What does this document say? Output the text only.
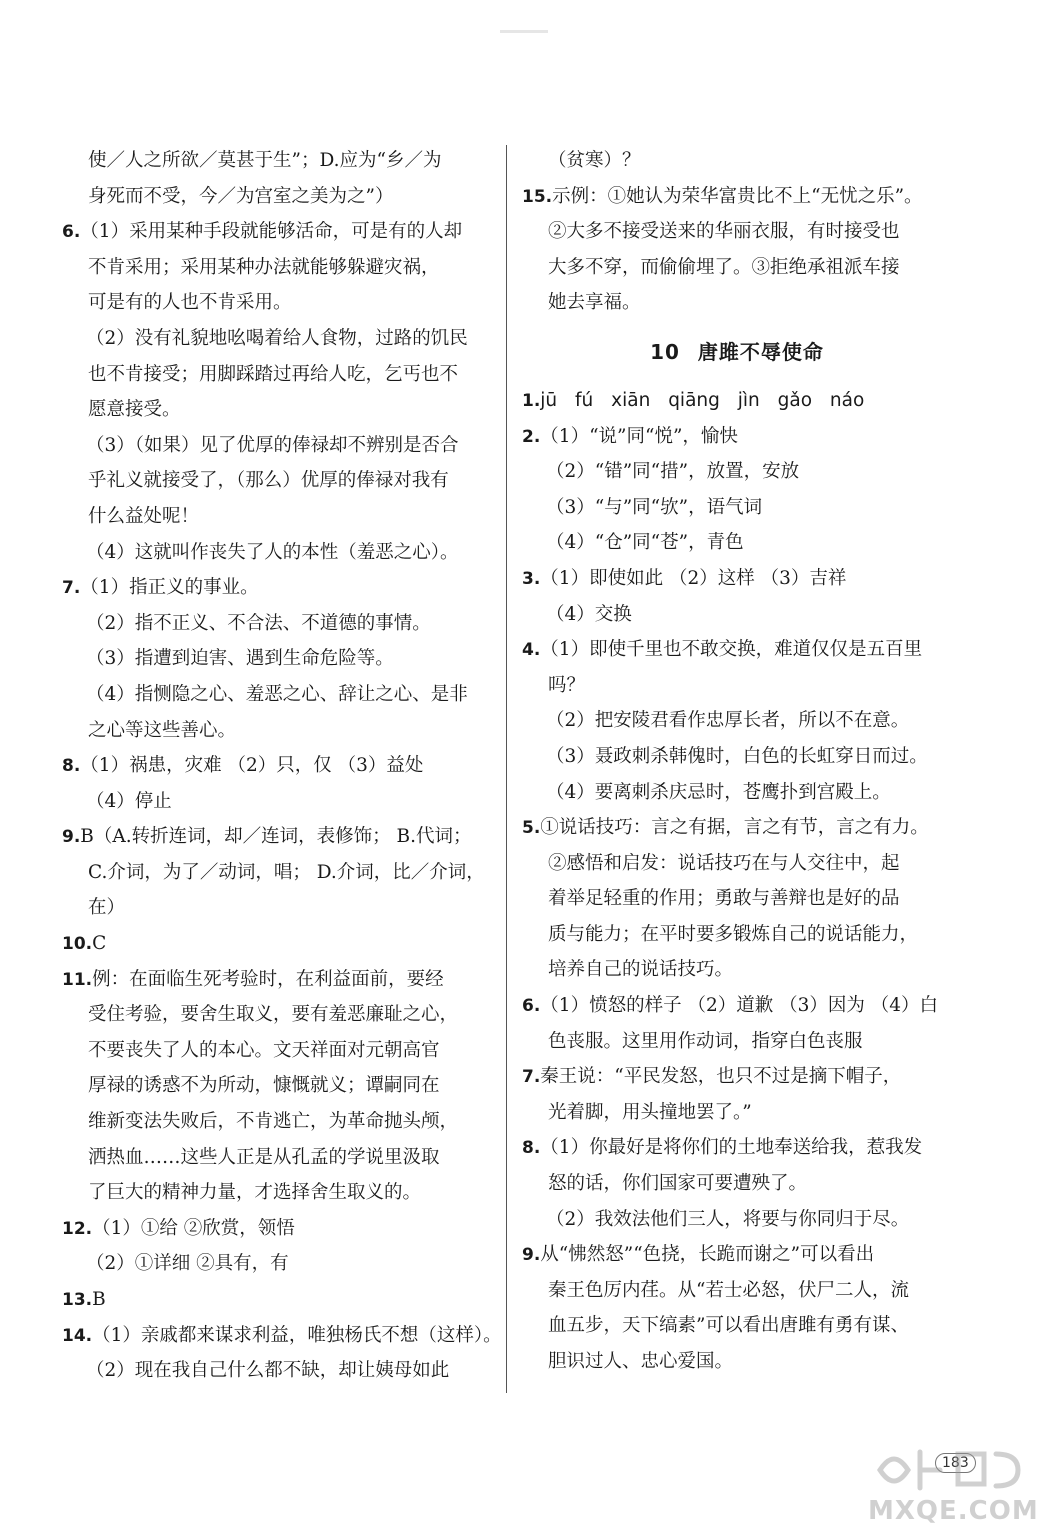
使／人之所欲／莫甚于生”；D.应为“乡／为
身死而不受，今／为宫室之美为之”）
6.（1）采用某种手段就能够活命，可是有的人却
不肯采用；采用某种办法就能够躲避灾祸，
可是有的人也不肯采用。
（2）没有礼貌地吆喝着给人食物，过路的饥民
也不肯接受；用脚踩踏过再给人吃，乞丐也不
愿意接受。
（3）（如果）见了优厚的俸禄却不辨别是否合
乎礼义就接受了，（那么）优厚的俸禄对我有
什么益处呢！
（4）这就叫作丧失了人的本性（羞恶之心）。
7.（1）指正义的事业。
（2）指不正义、不合法、不道德的事情。
（3）指遭到迫害、遇到生命危险等。
（4）指恻隐之心、羞恶之心、辞让之心、是非
之心等这些善心。
8.（1）祸患，灾难 （2）只，仅 （3）益处
（4）停止
9.B（A.转折连词，却／连词，表修饰； B.代词；
C.介词，为了／动词，唱； D.介词，比／介词，
在）
10.C
11.例：在面临生死考验时，在利益面前，要经
受住考验，要舍生取义，要有羞恶廉耻之心，
不要丧失了人的本心。文天祥面对元朝高官
厚禄的诱惑不为所动，慷慨就义；谭嗣同在
维新变法失败后，不肯逃亡，为革命抛头颅，
洒热血……这些人正是从孔孟的学说里汲取
了巨大的精神力量，才选择舍生取义的。
12.（1）①给 ②欣赏，领悟
（2）①详细 ②具有，有
13.B
14.（1）亲戚都来谋求利益，唯独杨氏不想（这样）。
（2）现在我自己什么都不缺，却让姨母如此
（贫寒）？
15.示例：①她认为荣华富贵比不上“无忧之乐”。
②大多不接受送来的华丽衣服，有时接受也
大多不穿，而偷偷埋了。③拒绝承祖派车接
她去享福。
10 唐雎不辱使命
1.jū fú xiān qiāng jìn gǎo náo
2.（1）“说”同“悦”，愉快
（2）“错”同“措”，放置，安放
（3）“与”同“欤”，语气词
（4）“仓”同“苍”，青色
3.（1）即使如此 （2）这样 （3）吉祥
（4）交换
4.（1）即使千里也不敢交换，难道仅仅是五百里
吗？
（2）把安陵君看作忠厚长者，所以不在意。
（3）聂政刺杀韩傀时，白色的长虹穿日而过。
（4）要离刺杀庆忌时，苍鹰扑到宫殿上。
5.①说话技巧：言之有据，言之有节，言之有力。
②感悟和启发：说话技巧在与人交往中，起
着举足轻重的作用；勇敢与善辩也是好的品
质与能力；在平时要多锻炼自己的说话能力，
培养自己的说话技巧。
6.（1）愤怒的样子 （2）道歉 （3）因为 （4）白
色丧服。这里用作动词，指穿白色丧服
7.秦王说：“平民发怒，也只不过是摘下帽子，
光着脚，用头撞地罢了。”
8.（1）你最好是将你们的土地奉送给我，惹我发
怒的话，你们国家可要遭殃了。
（2）我效法他们三人，将要与你同归于尽。
9.从“怫然怒”“色挠，长跪而谢之”可以看出
秦王色厉内荏。从“若士必怒，伏尸二人，流
血五步，天下缟素”可以看出唐雎有勇有谋、
胆识过人、忠心爱国。
183
MXQE.COM
